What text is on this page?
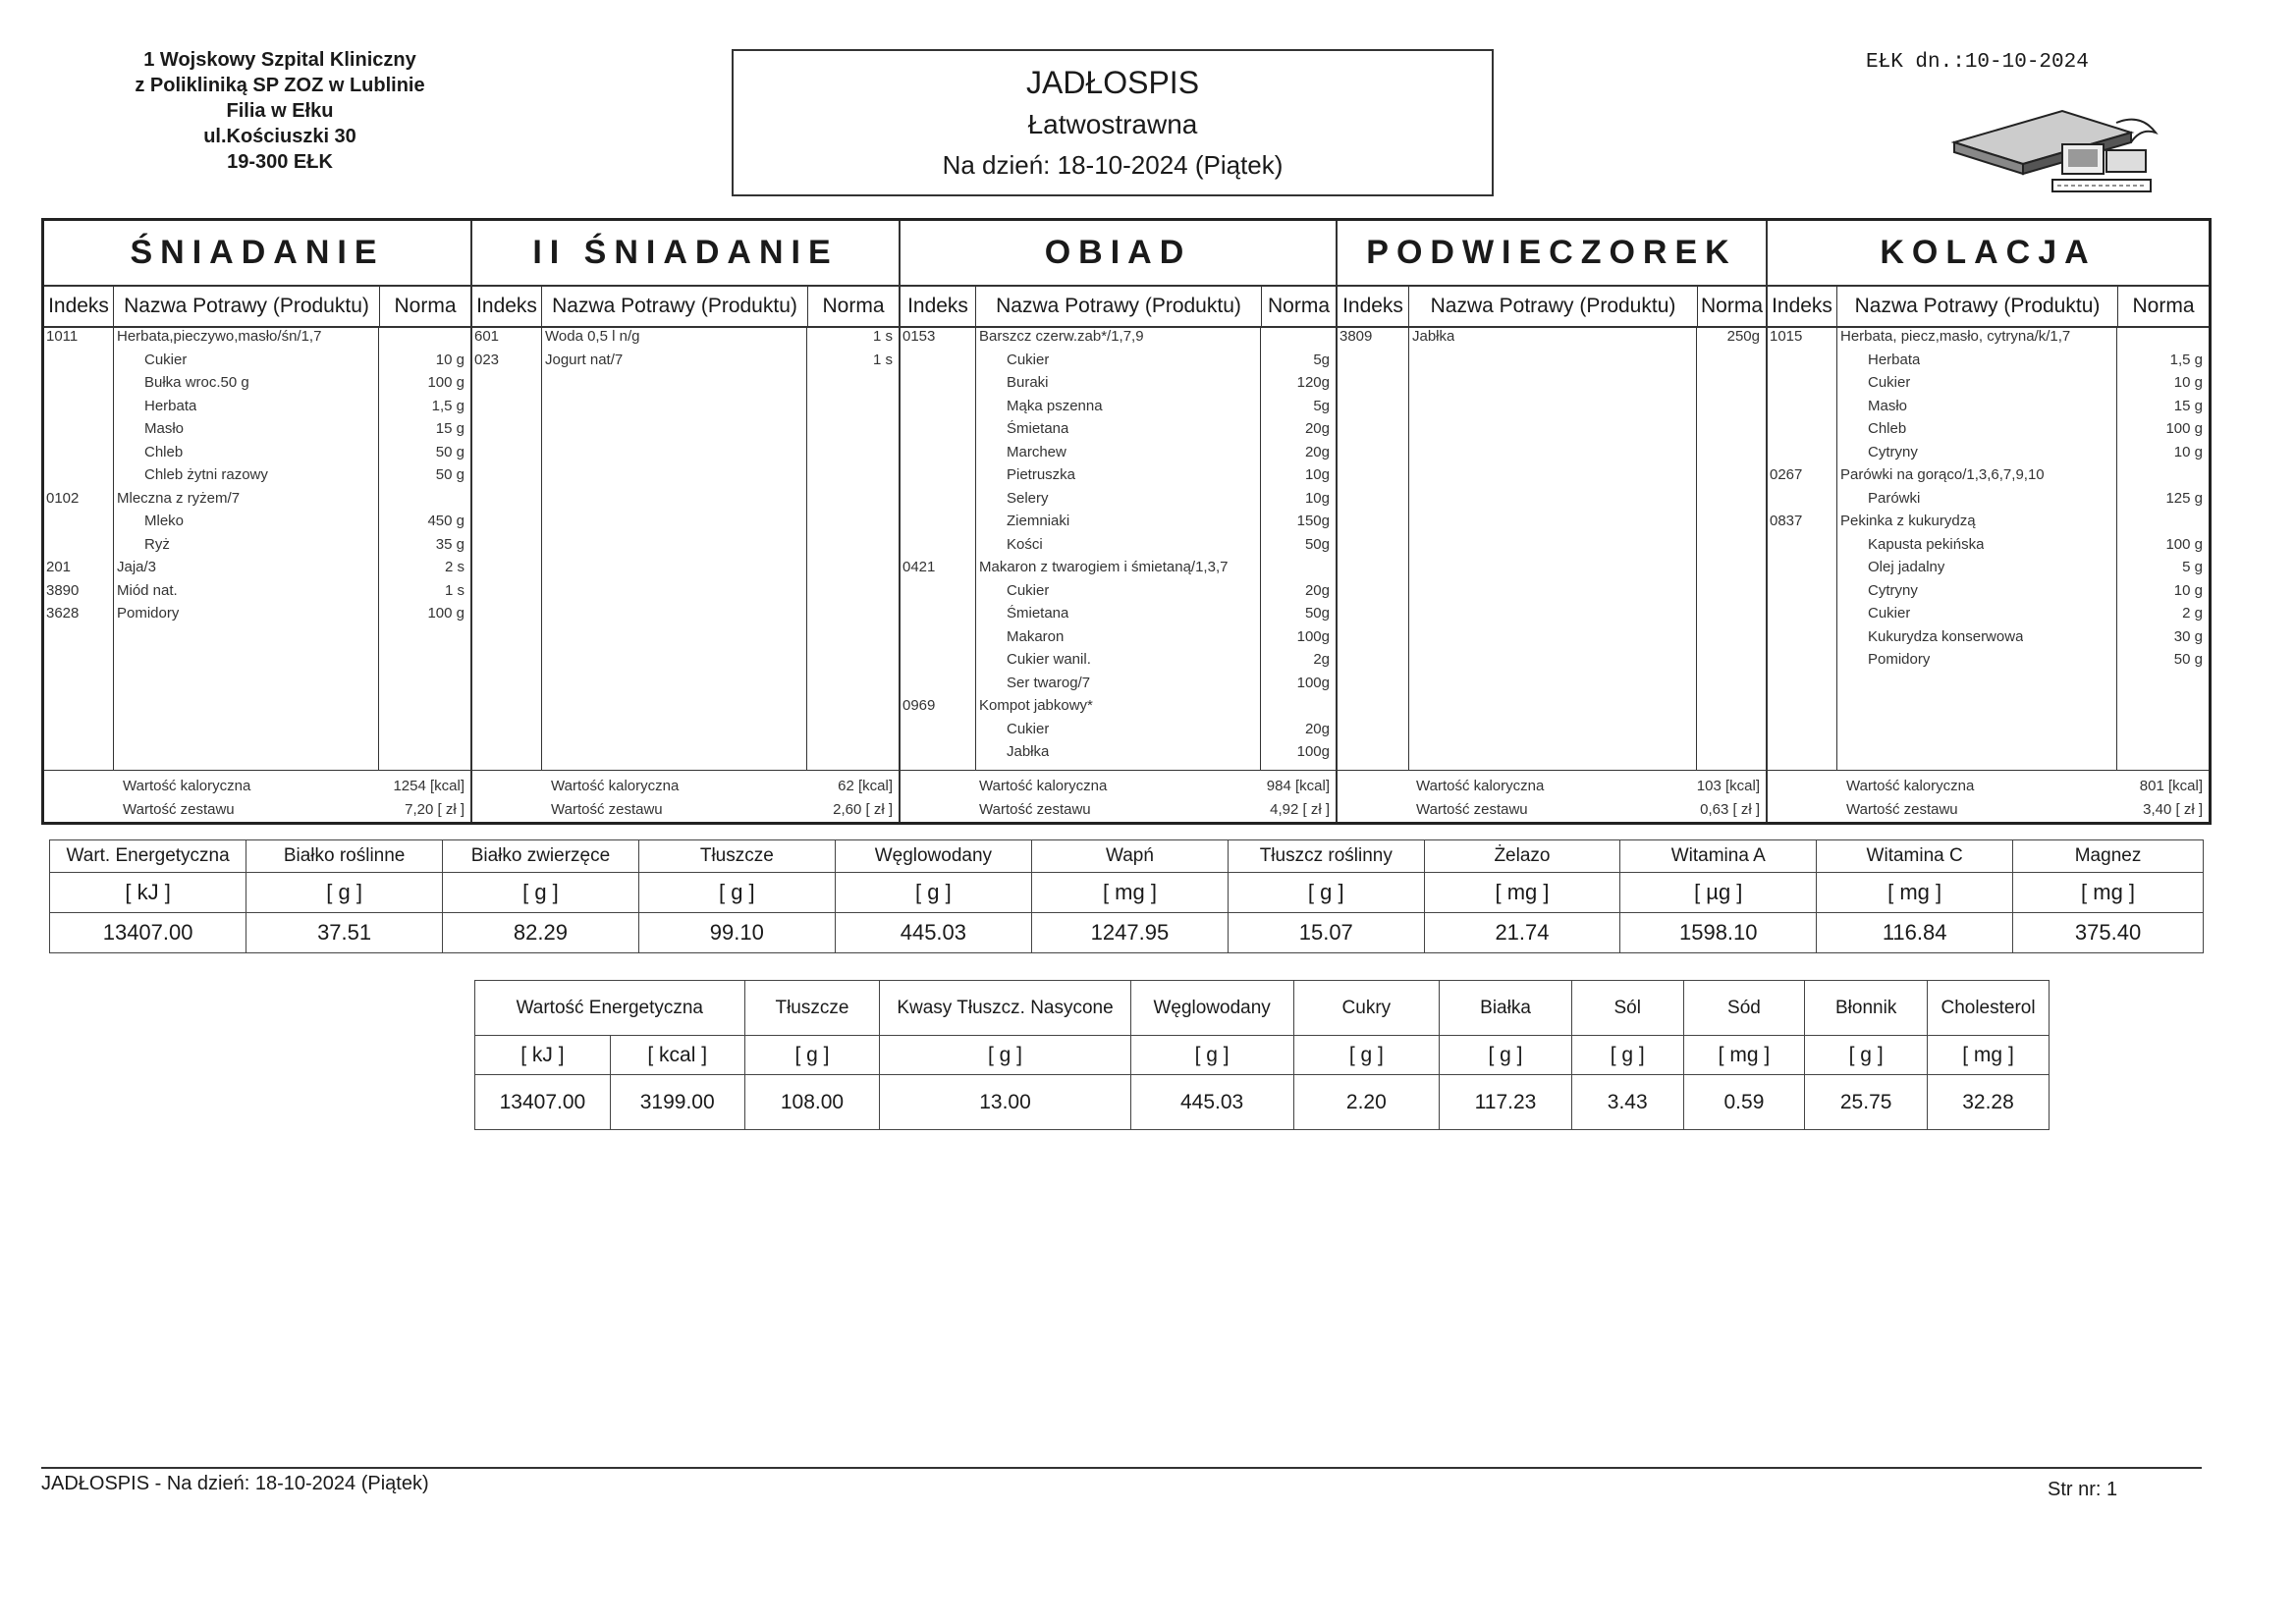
1 Wojskowy Szpital Kliniczny
z Polikliniką SP ZOZ w Lublinie
Filia w Ełku
ul.Kościuszki 30
19-300 EŁK
JADŁOSPIS
Łatwostrawna
Na dzień: 18-10-2024 (Piątek)
EŁK dn.:10-10-2024
ŚNIADANIE
Indeks Nazwa Potrawy (Produktu)	Norma
1011	Herbata,pieczywo,masło/śn/1,7
Cukier	10 g
Bułka wroc.50 g	100 g
Herbata	1,5 g
Masło	15 g
Chleb	50 g
Chleb żytni razowy	50 g
0102	Mleczna z ryżem/7
Mleko	450 g
Ryż	35 g
201	Jaja/3	2 s
3890	Miód nat.	1 s
3628	Pomidory	100 g
Wartość kaloryczna	1254 [kcal]
Wartość zestawu	7,20 [ zł ]
II ŚNIADANIE
Indeks Nazwa Potrawy (Produktu)	Norma
601	Woda 0,5 l n/g	1 s
023	Jogurt nat/7	1 s
Wartość kaloryczna	62 [kcal]
Wartość zestawu	2,60 [ zł ]
OBIAD
Indeks	Nazwa Potrawy (Produktu)	Norma
0153	Barszcz czerw.zab*/1,7,9
Cukier	5g
Buraki	120g
Mąka pszenna	5g
Śmietana	20g
Marchew	20g
Pietruszka	10g
Selery	10g
Ziemniaki	150g
Kości	50g
0421	Makaron z twarogiem i śmietaną/1,3,7
Cukier	20g
Śmietana	50g
Makaron	100g
Cukier wanil.	2g
Ser twarog/7	100g
0969	Kompot jabkowy*
Cukier	20g
Jabłka	100g
Wartość kaloryczna	984 [kcal]
Wartość zestawu	4,92 [ zł ]
PODWIECZOREK
Indeks	Nazwa Potrawy (Produktu)	Norma
3809	Jabłka	250g
Wartość kaloryczna	103 [kcal]
Wartość zestawu	0,63 [ zł ]
KOLACJA
Indeks	Nazwa Potrawy (Produktu)	Norma
1015	Herbata, piecz,masło, cytryna/k/1,7
Herbata	1,5 g
Cukier	10 g
Masło	15 g
Chleb	100 g
Cytryny	10 g
0267	Parówki na gorąco/1,3,6,7,9,10
Parówki	125 g
0837	Pekinka z kukurydzą
Kapusta pekińska	100 g
Olej jadalny	5 g
Cytryny	10 g
Cukier	2 g
Kukurydza konserwowa	30 g
Pomidory	50 g
Wartość kaloryczna	801 [kcal]
Wartość zestawu	3,40 [ zł ]
Wart. Energetyczna	Białko roślinne	Białko zwierzęce	Tłuszcze	Węglowodany	Wapń	Tłuszcz roślinny	Żelazo	Witamina A	Witamina C	Magnez
[ kJ ]	[ g ]	[ g ]	[ g ]	[ g ]	[ mg ]	[ g ]	[ mg ]	[ µg ]	[ mg ]	[ mg ]
13407.00	37.51	82.29	99.10	445.03	1247.95	15.07	21.74	1598.10	116.84	375.40
Wartość Energetyczna		Tłuszcze	Kwasy Tłuszcz. Nasycone	Węglowodany	Cukry	Białka	Sól	Sód	Błonnik	Cholesterol
[ kJ ]	[ kcal ]	[ g ]	[ g ]	[ g ]	[ g ]	[ g ]	[ g ]	[ mg ]	[ g ]	[ mg ]
13407.00	3199.00	108.00	13.00	445.03	2.20	117.23	3.43	0.59	25.75	32.28
JADŁOSPIS - Na dzień: 18-10-2024 (Piątek)	Str nr: 1
